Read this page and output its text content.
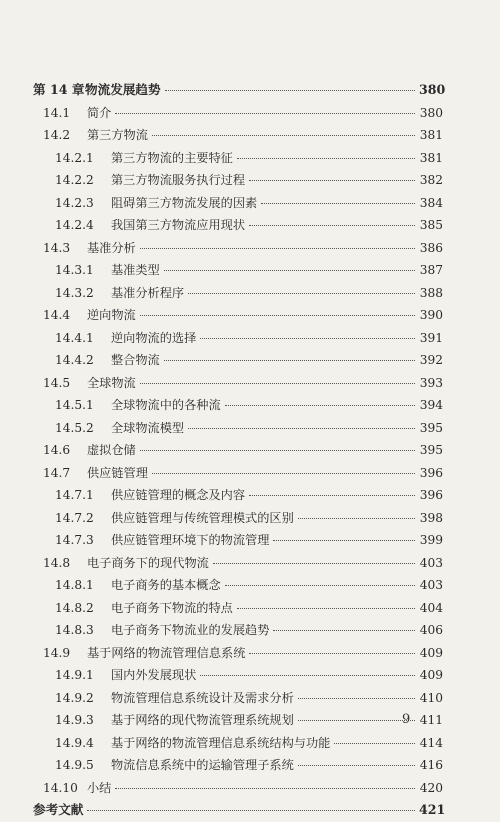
第 14 章 物流发展趋势	380
14.1	简介	380
14.2	第三方物流	381
14.2.1	第三方物流的主要特征	381
14.2.2	第三方物流服务执行过程	382
14.2.3	阻碍第三方物流发展的因素	384
14.2.4	我国第三方物流应用现状	385
14.3	基准分析	386
14.3.1	基准类型	387
14.3.2	基准分析程序	388
14.4	逆向物流	390
14.4.1	逆向物流的选择	391
14.4.2	整合物流	392
14.5	全球物流	393
14.5.1	全球物流中的各种流	394
14.5.2	全球物流模型	395
14.6	虚拟仓储	395
14.7	供应链管理	396
14.7.1	供应链管理的概念及内容	396
14.7.2	供应链管理与传统管理模式的区别	398
14.7.3	供应链管理环境下的物流管理	399
14.8	电子商务下的现代物流	403
14.8.1	电子商务的基本概念	403
14.8.2	电子商务下物流的特点	404
14.8.3	电子商务下物流业的发展趋势	406
14.9	基于网络的物流管理信息系统	409
14.9.1	国内外发展现状	409
14.9.2	物流管理信息系统设计及需求分析	410
14.9.3	基于网络的现代物流管理系统规划	411
14.9.4	基于网络的物流管理信息系统结构与功能	414
14.9.5	物流信息系统中的运输管理子系统	416
14.10 小结	420
参考文献	421
9
